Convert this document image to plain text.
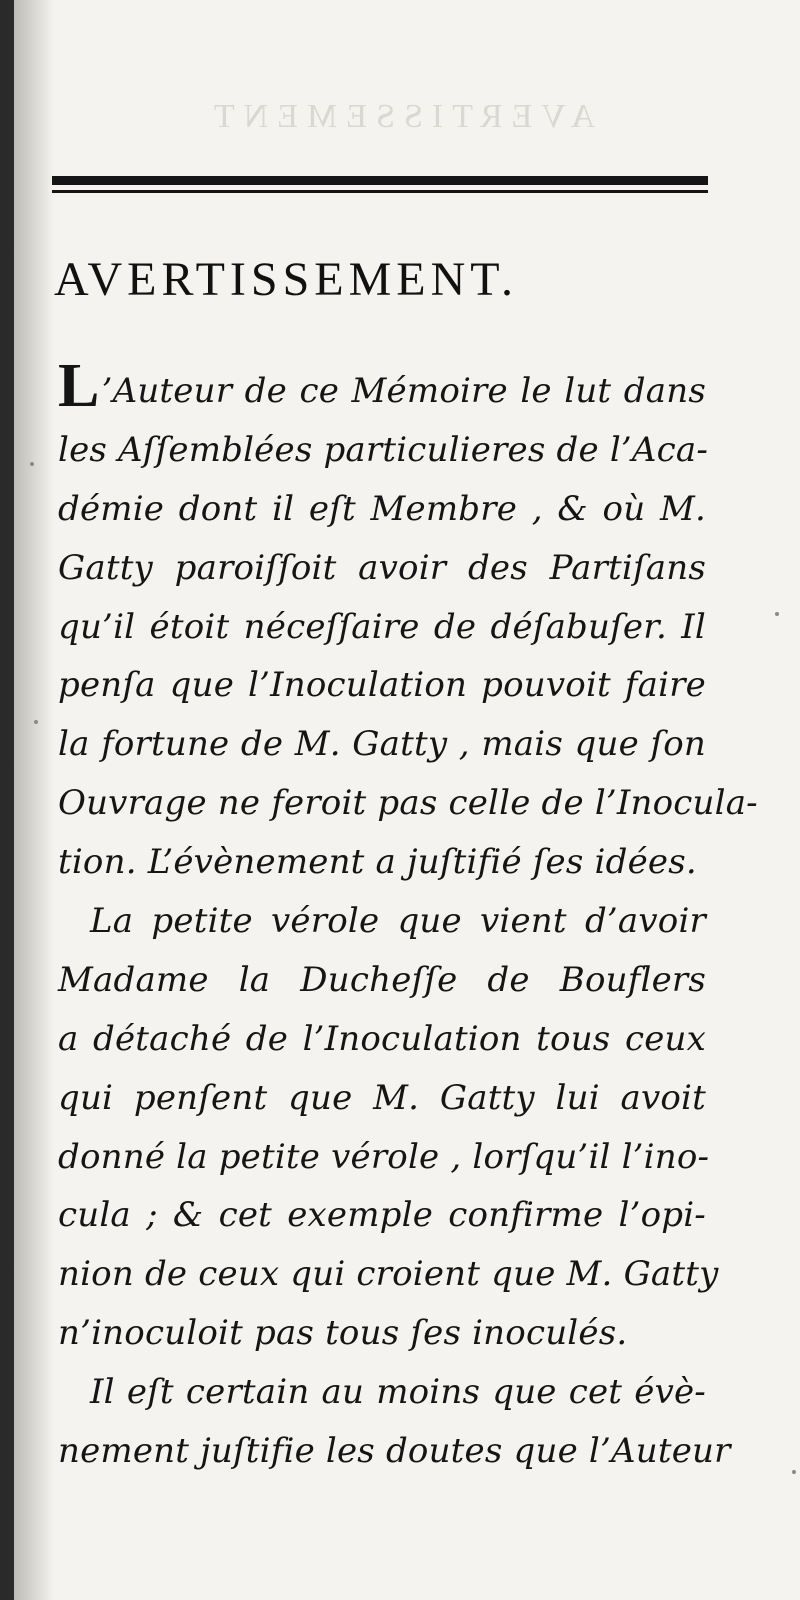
AVERTISSEMENT
AVERTISSEMENT.
L’Auteur de ce Mémoire le lut dans
les Aſſemblées particulieres de l’Aca-
démie dont il eſt Membre , & où M.
Gatty paroiſſoit avoir des Partiſans
qu’il étoit néceſſaire de déſabuſer. Il
penſa que l’Inoculation pouvoit faire
la fortune de M. Gatty , mais que ſon
Ouvrage ne feroit pas celle de l’Inocula-
tion. L’évènement a juſtifié ſes idées.
La petite vérole que vient d’avoir
Madame la Ducheſſe de Bouflers
a détaché de l’Inoculation tous ceux
qui penſent que M. Gatty lui avoit
donné la petite vérole , lorſqu’il l’ino-
cula ; & cet exemple confirme l’opi-
nion de ceux qui croient que M. Gatty
n’inoculoit pas tous ſes inoculés.
Il eſt certain au moins que cet évè-
nement juſtifie les doutes que l’Auteur
